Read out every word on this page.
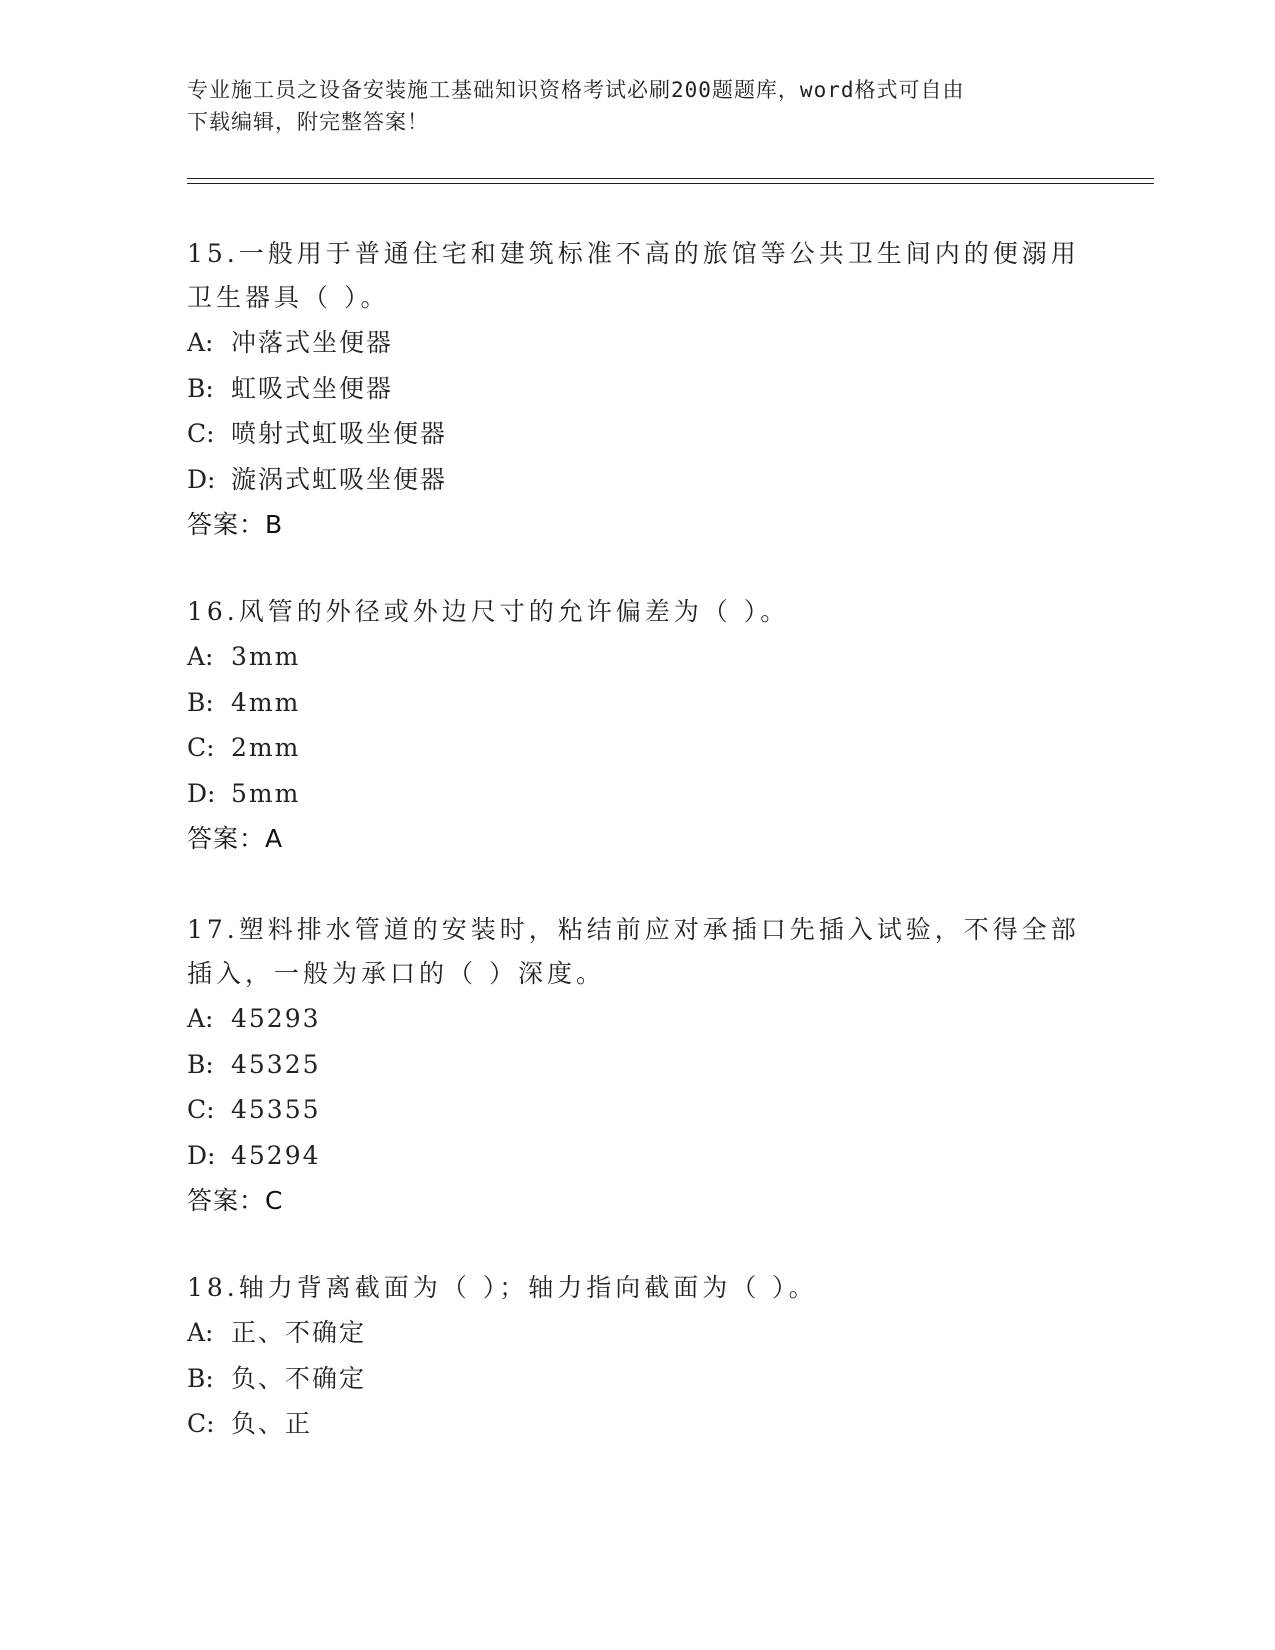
专业施工员之设备安装施工基础知识资格考试必刷200题题库，word格式可自由
下载编辑，附完整答案！
15.一般用于普通住宅和建筑标准不高的旅馆等公共卫生间内的便溺用
卫生器具（ ）。
A: 冲落式坐便器
B: 虹吸式坐便器
C: 喷射式虹吸坐便器
D: 漩涡式虹吸坐便器
答案：B
16.风管的外径或外边尺寸的允许偏差为（ ）。
A: 3mm
B: 4mm
C: 2mm
D: 5mm
答案：A
17.塑料排水管道的安装时，粘结前应对承插口先插入试验，不得全部
插入，一般为承口的（ ）深度。
A: 45293
B: 45325
C: 45355
D: 45294
答案：C
18.轴力背离截面为（ ）；轴力指向截面为（ ）。
A: 正、不确定
B: 负、不确定
C: 负、正
